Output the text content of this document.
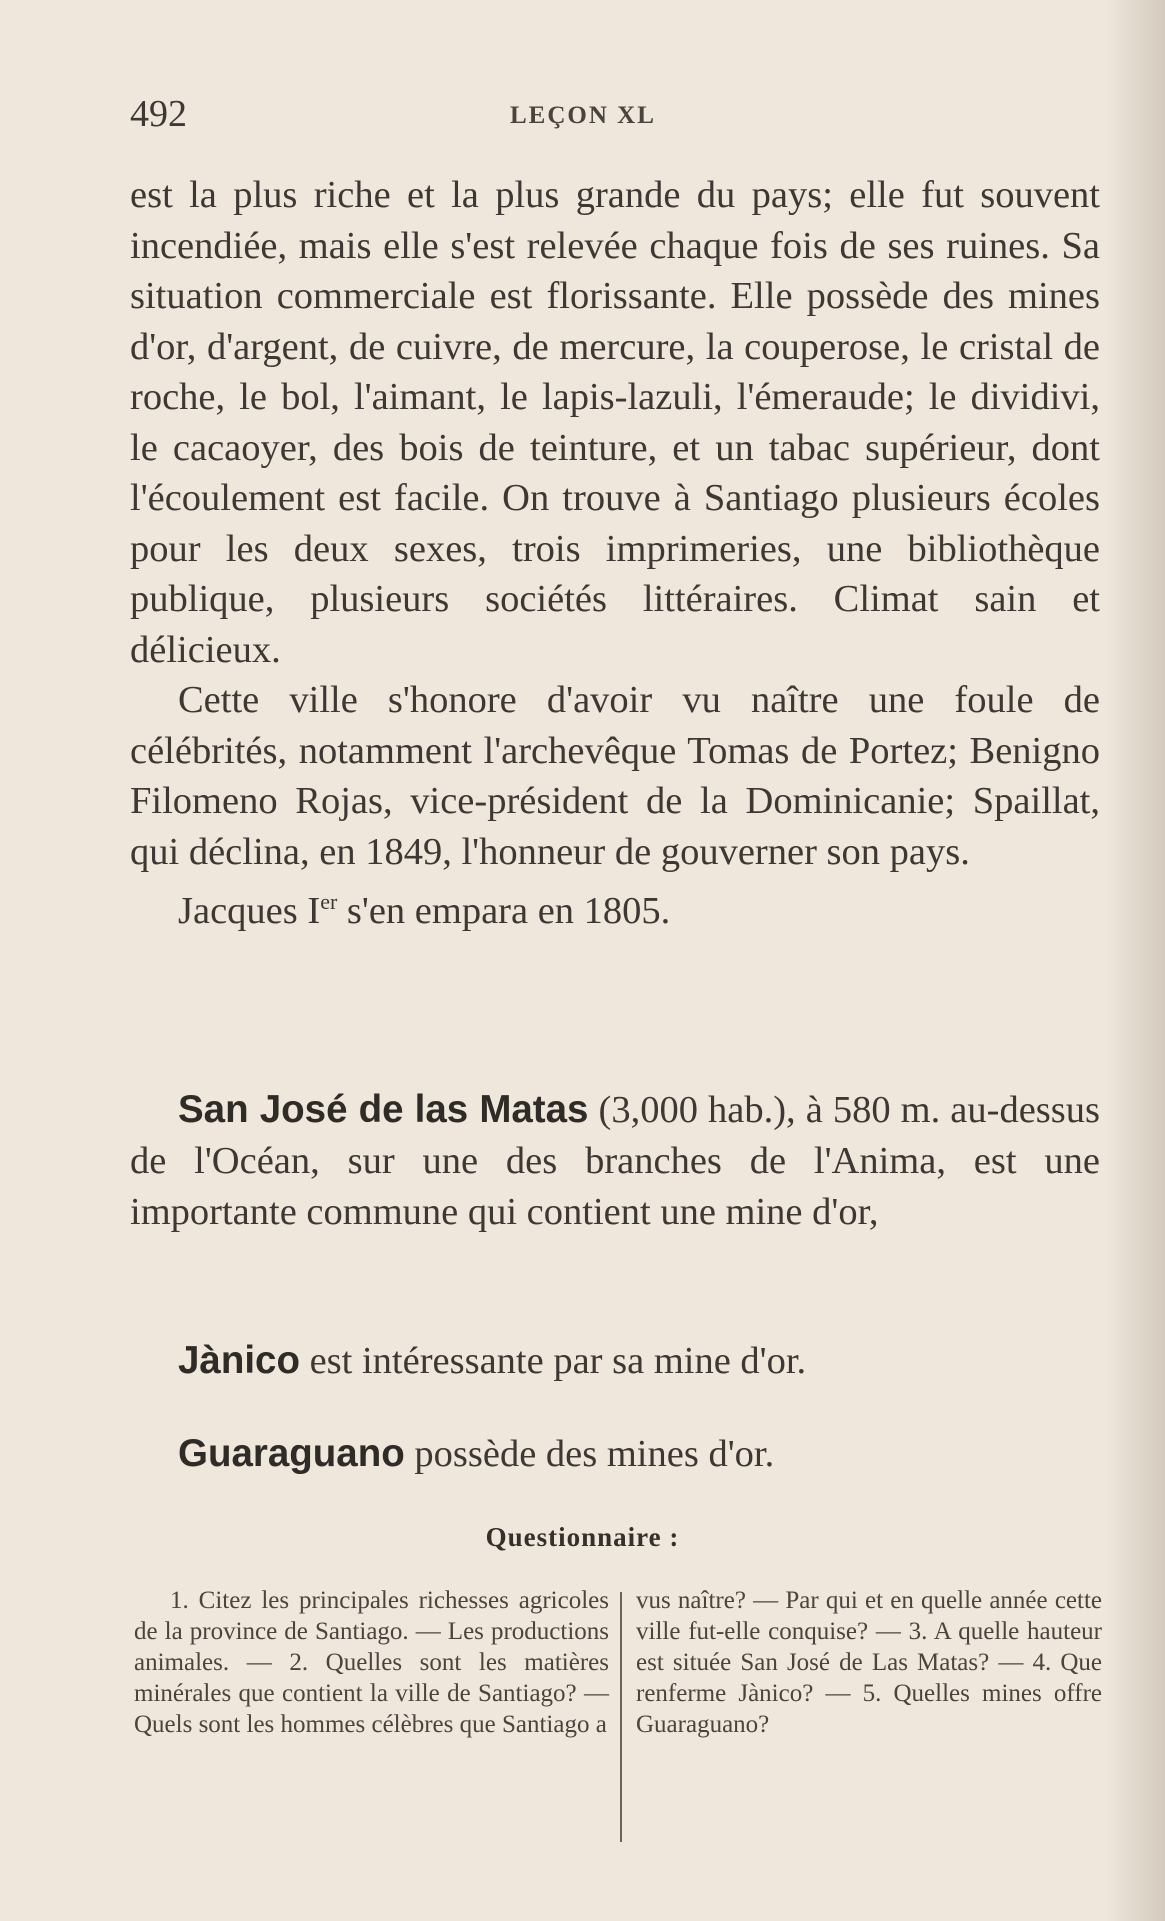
492	LEÇON XL

est la plus riche et la plus grande du pays; elle fut souvent incendiée, mais elle s'est relevée chaque fois de ses ruines. Sa situation commerciale est florissante. Elle possède des mines d'or, d'argent, de cuivre, de mercure, la couperose, le cristal de roche, le bol, l'aimant, le lapis-lazuli, l'émeraude; le dividivi, le cacaoyer, des bois de teinture, et un tabac supérieur, dont l'écoulement est facile. On trouve à Santiago plusieurs écoles pour les deux sexes, trois imprimeries, une bibliothèque publique, plusieurs sociétés littéraires. Climat sain et délicieux.

Cette ville s'honore d'avoir vu naître une foule de célébrités, notamment l'archevêque Tomas de Portez; Benigno Filomeno Rojas, vice-président de la Dominicanie; Spaillat, qui déclina, en 1849, l'honneur de gouverner son pays.

Jacques Ier s'en empara en 1805.

San José de las Matas (3,000 hab.), à 580 m. au-dessus de l'Océan, sur une des branches de l'Anima, est une importante commune qui contient une mine d'or,

Jànico est intéressante par sa mine d'or.

Guaraguano possède des mines d'or.

Questionnaire :

1. Citez les principales richesses agricoles de la province de Santiago. — Les productions animales. — 2. Quelles sont les matières minérales que contient la ville de Santiago? — Quels sont les hommes célèbres que Santiago a

vus naître? — Par qui et en quelle année cette ville fut-elle conquise? — 3. A quelle hauteur est située San José de Las Matas? — 4. Que renferme Jànico? — 5. Quelles mines offre Guaraguano?
